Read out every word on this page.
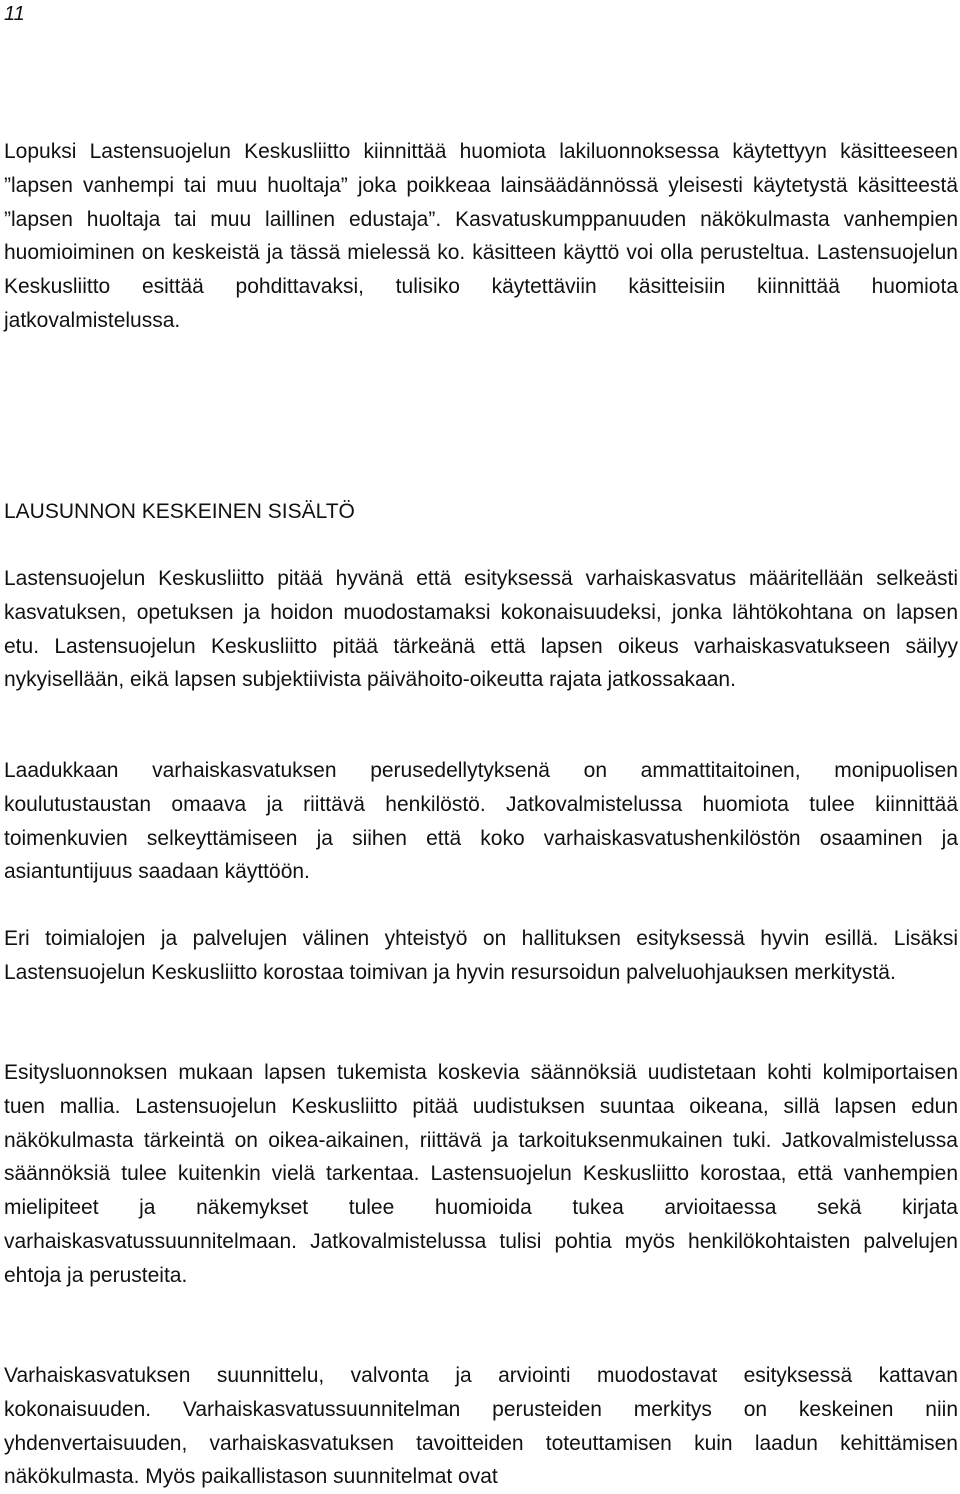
11

Lopuksi Lastensuojelun Keskusliitto kiinnittää huomiota lakiluonnoksessa käytettyyn käsitteeseen ”lapsen vanhempi tai muu huoltaja” joka poikkeaa lainsäädännössä yleisesti käytetystä käsitteestä ”lapsen huoltaja tai muu laillinen edustaja”. Kasvatuskumppanuuden näkökulmasta vanhempien huomioiminen on keskeistä ja tässä mielessä ko. käsitteen käyttö voi olla perusteltua. Lastensuojelun Keskusliitto esittää pohdittavaksi, tulisiko käytettäviin käsitteisiin kiinnittää huomiota jatkovalmistelussa.

LAUSUNNON KESKEINEN SISÄLTÖ

Lastensuojelun Keskusliitto pitää hyvänä että esityksessä varhaiskasvatus määritellään selkeästi kasvatuksen, opetuksen ja hoidon muodostamaksi kokonaisuudeksi, jonka lähtökohtana on lapsen etu. Lastensuojelun Keskusliitto pitää tärkeänä että lapsen oikeus varhaiskasvatukseen säilyy nykyisellään, eikä lapsen subjektiivista päivähoito-oikeutta rajata jatkossakaan.

Laadukkaan varhaiskasvatuksen perusedellytyksenä on ammattitaitoinen, monipuolisen koulutustaustan omaava ja riittävä henkilöstö. Jatkovalmistelussa huomiota tulee kiinnittää toimenkuvien selkeyttämiseen ja siihen että koko varhaiskasvatushenkilöstön osaaminen ja asiantuntijuus saadaan käyttöön.

Eri toimialojen ja palvelujen välinen yhteistyö on hallituksen esityksessä hyvin esillä. Lisäksi Lastensuojelun Keskusliitto korostaa toimivan ja hyvin resursoidun palveluohjauksen merkitystä.

Esitysluonnoksen mukaan lapsen tukemista koskevia säännöksiä uudistetaan kohti kolmiportaisen tuen mallia. Lastensuojelun Keskusliitto pitää uudistuksen suuntaa oikeana, sillä lapsen edun näkökulmasta tärkeintä on oikea-aikainen, riittävä ja tarkoituksenmukainen tuki. Jatkovalmistelussa säännöksiä tulee kuitenkin vielä tarkentaa. Lastensuojelun Keskusliitto korostaa, että vanhempien mielipiteet ja näkemykset tulee huomioida tukea arvioitaessa sekä kirjata varhaiskasvatussuunnitelmaan. Jatkovalmistelussa tulisi pohtia myös henkilökohtaisten palvelujen ehtoja ja perusteita.

Varhaiskasvatuksen suunnittelu, valvonta ja arviointi muodostavat esityksessä kattavan kokonaisuuden. Varhaiskasvatussuunnitelman perusteiden merkitys on keskeinen niin yhdenvertaisuuden, varhaiskasvatuksen tavoitteiden toteuttamisen kuin laadun kehittämisen näkökulmasta. Myös paikallistason suunnitelmat ovat
